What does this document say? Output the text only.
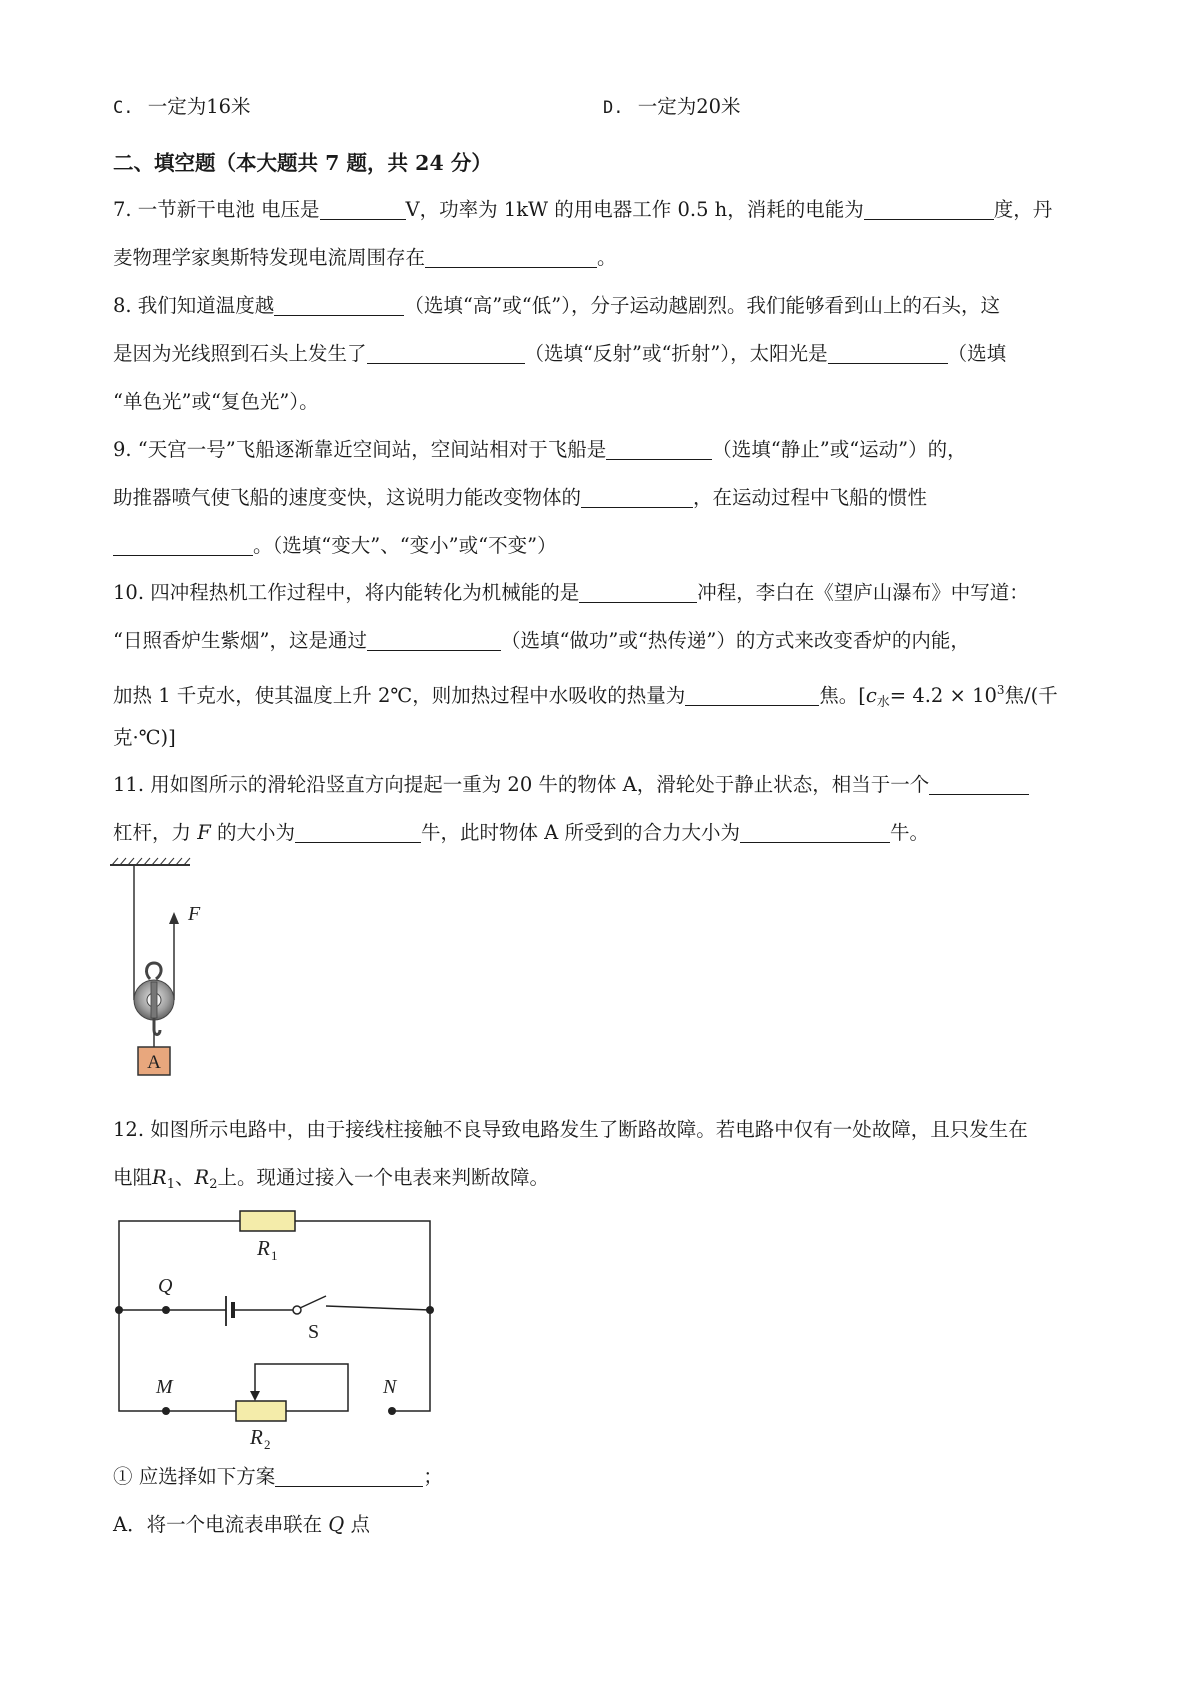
C. 一定为16米	D. 一定为20米
二、填空题（本大题共 7 题，共 24 分）
7. 一节新干电池 电压是	V，功率为 1kW 的用电器工作 0.5 h，消耗的电能为	度，丹
麦物理学家奥斯特发现电流周围存在	。
8. 我们知道温度越	（选填“高”或“低”），分子运动越剧烈。我们能够看到山上的石头，这
是因为光线照到石头上发生了	（选填“反射”或“折射”），太阳光是	（选填
“单色光”或“复色光”）。
9. “天宫一号”飞船逐渐靠近空间站，空间站相对于飞船是	（选填“静止”或“运动”）的，
助推器喷气使飞船的速度变快，这说明力能改变物体的	，在运动过程中飞船的惯性
。（选填“变大”、“变小”或“不变”）
10. 四冲程热机工作过程中，将内能转化为机械能的是	冲程，李白在《望庐山瀑布》中写道：
“日照香炉生紫烟”，这是通过	（选填“做功”或“热传递”）的方式来改变香炉的内能，
加热 1 千克水，使其温度上升 2℃，则加热过程中水吸收的热量为	焦。[$c_水= 4.2 \times 10^3$焦/(千
克·℃)]
11. 用如图所示的滑轮沿竖直方向提起一重为 20 牛的物体 A，滑轮处于静止状态，相当于一个
杠杆，力 F 的大小为	牛，此时物体 A 所受到的合力大小为	牛。
F
A
12. 如图所示电路中，由于接线柱接触不良导致电路发生了断路故障。若电路中仅有一处故障，且只发生在
电阻$R_1$、$R_2$上。现通过接入一个电表来判断故障。
R 1
S
Q
M	N
R 2
① 应选择如下方案	；
A．将一个电流表串联在 Q 点
